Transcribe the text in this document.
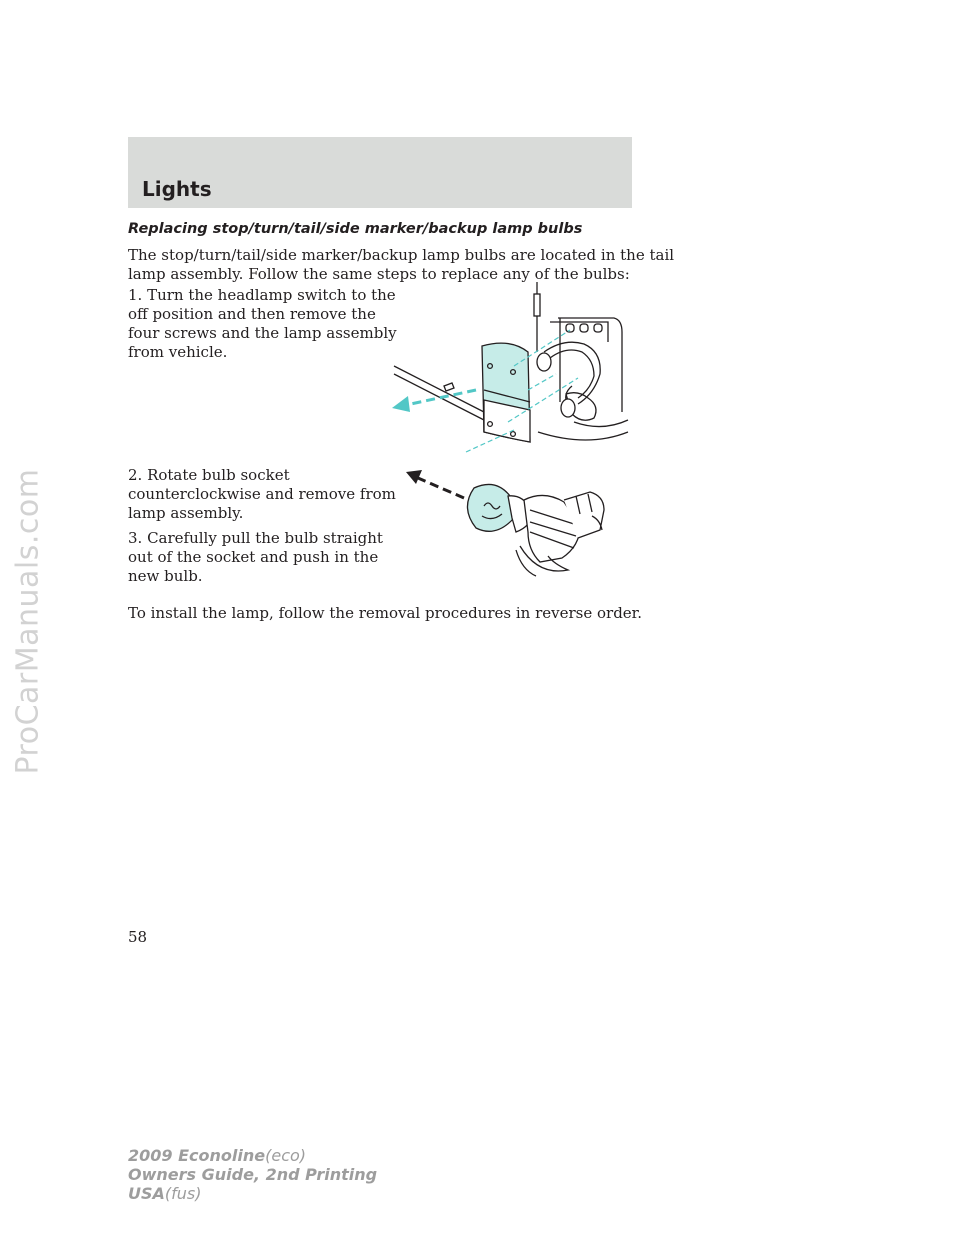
ProCarManuals.com
Lights
Replacing stop/turn/tail/side marker/backup lamp bulbs

The stop/turn/tail/side marker/backup lamp bulbs are located in the tail
lamp assembly. Follow the same steps to replace any of the bulbs:

1. Turn the headlamp switch to the
off position and then remove the
four screws and the lamp assembly
from vehicle.

2. Rotate bulb socket
counterclockwise and remove from
lamp assembly.

3. Carefully pull the bulb straight
out of the socket and push in the
new bulb.

To install the lamp, follow the removal procedures in reverse order.

58
2009 Econoline(eco)
Owners Guide, 2nd Printing
USA(fus)
